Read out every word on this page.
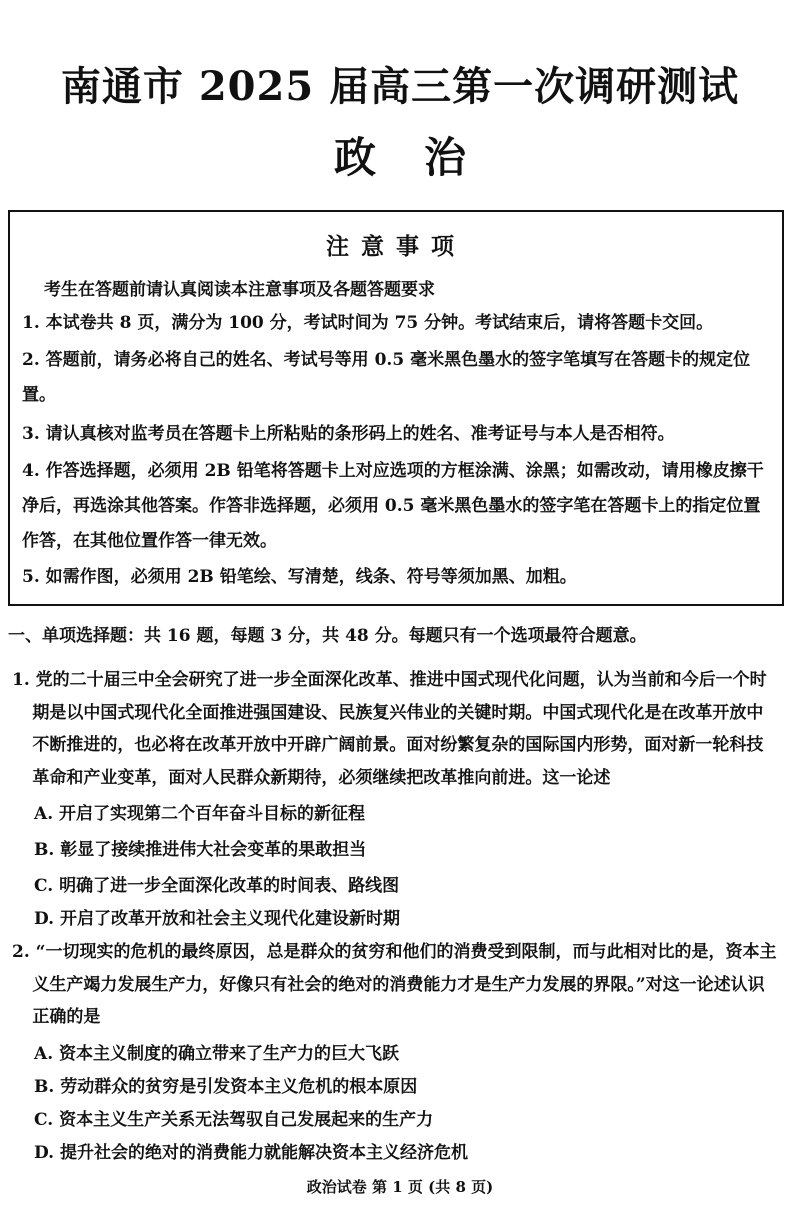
南通市 2025 届高三第一次调研测试
政治
注意事项
考生在答题前请认真阅读本注意事项及各题答题要求
1. 本试卷共 8 页，满分为 100 分，考试时间为 75 分钟。考试结束后，请将答题卡交回。
2. 答题前，请务必将自己的姓名、考试号等用 0.5 毫米黑色墨水的签字笔填写在答题卡的规定位置。
3. 请认真核对监考员在答题卡上所粘贴的条形码上的姓名、准考证号与本人是否相符。
4. 作答选择题，必须用 2B 铅笔将答题卡上对应选项的方框涂满、涂黑；如需改动，请用橡皮擦干净后，再选涂其他答案。作答非选择题，必须用 0.5 毫米黑色墨水的签字笔在答题卡上的指定位置作答，在其他位置作答一律无效。
5. 如需作图，必须用 2B 铅笔绘、写清楚，线条、符号等须加黑、加粗。
一、单项选择题：共 16 题，每题 3 分，共 48 分。每题只有一个选项最符合题意。
1. 党的二十届三中全会研究了进一步全面深化改革、推进中国式现代化问题，认为当前和今后一个时期是以中国式现代化全面推进强国建设、民族复兴伟业的关键时期。中国式现代化是在改革开放中不断推进的，也必将在改革开放中开辟广阔前景。面对纷繁复杂的国际国内形势，面对新一轮科技革命和产业变革，面对人民群众新期待，必须继续把改革推向前进。这一论述
A. 开启了实现第二个百年奋斗目标的新征程
B. 彰显了接续推进伟大社会变革的果敢担当
C. 明确了进一步全面深化改革的时间表、路线图
D. 开启了改革开放和社会主义现代化建设新时期
2. “一切现实的危机的最终原因，总是群众的贫穷和他们的消费受到限制，而与此相对比的是，资本主义生产竭力发展生产力，好像只有社会的绝对的消费能力才是生产力发展的界限。”对这一论述认识正确的是
A. 资本主义制度的确立带来了生产力的巨大飞跃
B. 劳动群众的贫穷是引发资本主义危机的根本原因
C. 资本主义生产关系无法驾驭自己发展起来的生产力
D. 提升社会的绝对的消费能力就能解决资本主义经济危机
政治试卷 第 1 页 (共 8 页)
